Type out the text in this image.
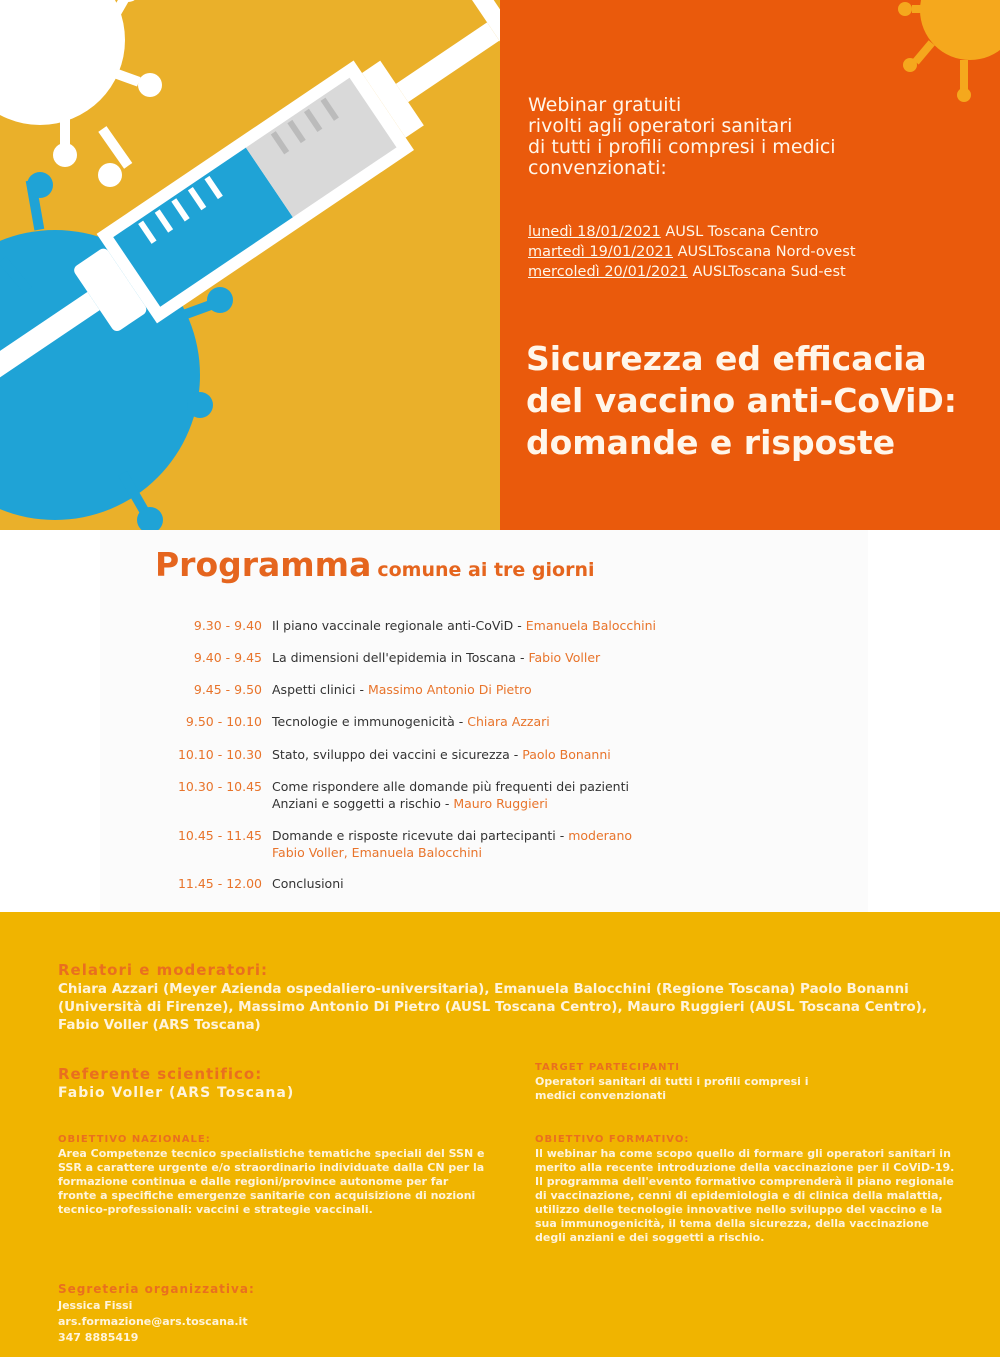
Webinar gratuiti
rivolti agli operatori sanitari
di tutti i profili compresi i medici
convenzionati:
lunedì 18/01/2021 AUSL Toscana Centro
martedì 19/01/2021 AUSLToscana Nord-ovest
mercoledì 20/01/2021 AUSLToscana Sud-est
Sicurezza ed efficacia
del vaccino anti-CoViD:
domande e risposte
Programma comune ai tre giorni
9.30 - 9.40 Il piano vaccinale regionale anti-CoViD - Emanuela Balocchini
9.40 - 9.45 La dimensioni dell'epidemia in Toscana - Fabio Voller
9.45 - 9.50 Aspetti clinici - Massimo Antonio Di Pietro
9.50 - 10.10 Tecnologie e immunogenicità - Chiara Azzari
10.10 - 10.30 Stato, sviluppo dei vaccini e sicurezza - Paolo Bonanni
10.30 - 10.45 Come rispondere alle domande più frequenti dei pazienti
Anziani e soggetti a rischio - Mauro Ruggieri
10.45 - 11.45 Domande e risposte ricevute dai partecipanti - moderano
Fabio Voller, Emanuela Balocchini
11.45 - 12.00 Conclusioni
Relatori e moderatori:
Chiara Azzari (Meyer Azienda ospedaliero-universitaria), Emanuela Balocchini (Regione Toscana) Paolo Bonanni (Università di Firenze), Massimo Antonio Di Pietro (AUSL Toscana Centro), Mauro Ruggieri (AUSL Toscana Centro), Fabio Voller (ARS Toscana)
Referente scientifico:
Fabio Voller (ARS Toscana)
TARGET PARTECIPANTI
Operatori sanitari di tutti i profili compresi i medici convenzionati
OBIETTIVO NAZIONALE:
Area Competenze tecnico specialistiche tematiche speciali del SSN e SSR a carattere urgente e/o straordinario individuate dalla CN per la formazione continua e dalle regioni/province autonome per far fronte a specifiche emergenze sanitarie con acquisizione di nozioni tecnico-professionali: vaccini e strategie vaccinali.
OBIETTIVO FORMATIVO:
Il webinar ha come scopo quello di formare gli operatori sanitari in merito alla recente introduzione della vaccinazione per il CoViD-19. Il programma dell'evento formativo comprenderà il piano regionale di vaccinazione, cenni di epidemiologia e di clinica della malattia, utilizzo delle tecnologie innovative nello sviluppo del vaccino e la sua immunogenicità, il tema della sicurezza, della vaccinazione degli anziani e dei soggetti a rischio.
Segreteria organizzativa:
Jessica Fissi
ars.formazione@ars.toscana.it
347 8885419
